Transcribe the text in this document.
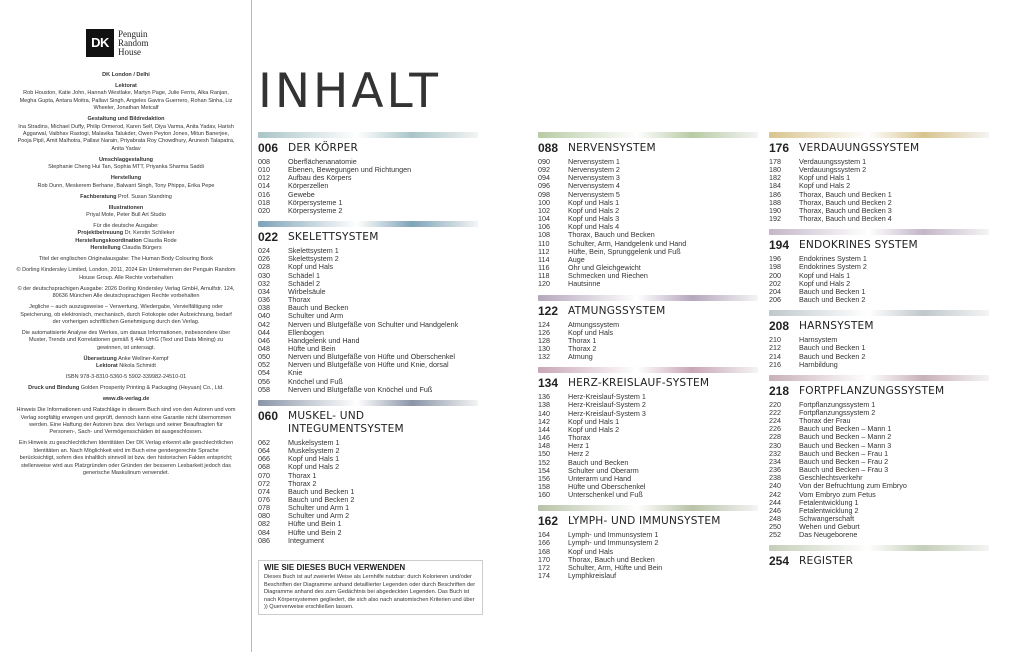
DK
Penguin
Random
House

DK London / Delhi

Lektorat
Rob Houston, Katie John, Hannah Westlake, Martyn Page, Julie Ferris, Alka Ranjan, Megha Gupta, Antara Moitra, Pallavi Singh, Angeles Gavira Guerrero, Rohan Sinha, Liz Wheeler, Jonathan Metcalf

Gestaltung und Bildredaktion
Ina Stradins, Michael Duffy, Philip Ormerod, Karen Self, Diya Varma, Anita Yadav, Harish Aggarwal, Vaibhav Rastogi, Malavika Talukder, Owen Peyton Jones, Mitun Banerjee, Pooja Pipil, Amit Malhotra, Pallavi Narain, Priyabrata Roy Chowdhury, Arunesh Talapatra, Anita Yadav

Umschlaggestaltung
Stephanie Cheng Hui Tan, Sophia MTT, Priyanka Sharma Saddi

Herstellung
Rob Dunn, Meskerem Berhane, Balwant Singh, Tony Phipps, Erika Pepe

Fachberatung Prof. Susan Standring

Illustrationen
Priyal Mote, Peter Bull Art Studio

Für die deutsche Ausgabe:
Projektbetreuung Dr. Kerstin Schlieker
Herstellungskoordination Claudia Rode
Herstellung Claudia Bürgers

Titel der englischen Originalausgabe: The Human Body Colouring Book

© Dorling Kindersley Limited, London, 2011, 2024 Ein Unternehmen der Penguin Random House Group. Alle Rechte vorbehalten

© der deutschsprachigen Ausgabe: 2026 Dorling Kindersley Verlag GmbH, Arnulfstr. 124, 80636 München Alle deutschsprachigen Rechte vorbehalten

Jegliche – auch auszugsweise – Verwertung, Wiedergabe, Vervielfältigung oder Speicherung, ob elektronisch, mechanisch, durch Fotokopie oder Aufzeichnung, bedarf der vorherigen schriftlichen Genehmigung durch den Verlag.

Die automatisierte Analyse des Werkes, um daraus Informationen, insbesondere über Muster, Trends und Korrelationen gemäß § 44b UrhG (Text und Data Mining) zu gewinnen, ist untersagt.

Übersetzung Anke Wellner-Kempf
Lektorat Nikola Schmidt

ISBN 978-3-8310-5360-5 5902-339982-24510-01

Druck und Bindung Golden Prosperity Printing & Packaging (Heyuan) Co., Ltd.

www.dk-verlag.de

Hinweis Die Informationen und Ratschläge in diesem Buch sind von den Autoren und vom Verlag sorgfältig erwogen und geprüft, dennoch kann eine Garantie nicht übernommen werden. Eine Haftung der Autoren bzw. des Verlags und seiner Beauftragten für Personen-, Sach- und Vermögensschäden ist ausgeschlossen.

Ein Hinweis zu geschlechtlichen Identitäten Der DK Verlag erkennt alle geschlechtlichen Identitäten an. Nach Möglichkeit wird im Buch eine gendergerechte Sprache berücksichtigt, sofern dies inhaltlich sinnvoll ist bzw. den historischen Fakten entspricht; stellenweise wird aus Platzgründen oder Gründen der besseren Lesbarkeit jedoch das generische Maskulinum verwendet.

INHALT
006 DER KÖRPER
008	Oberflächenanatomie
010	Ebenen, Bewegungen und Richtungen
012	Aufbau des Körpers
014	Körperzellen
016	Gewebe
018	Körpersysteme 1
020	Körpersysteme 2
022 SKELETTSYSTEM
024	Skelettsystem 1
026	Skelettsystem 2
028	Kopf und Hals
030	Schädel 1
032	Schädel 2
034	Wirbelsäule
036	Thorax
038	Bauch und Becken
040	Schulter und Arm
042	Nerven und Blutgefäße von Schulter und Handgelenk
044	Ellenbogen
046	Handgelenk und Hand
048	Hüfte und Bein
050	Nerven und Blutgefäße von Hüfte und Oberschenkel
052	Nerven und Blutgefäße von Hüfte und Knie, dorsal
054	Knie
056	Knöchel und Fuß
058	Nerven und Blutgefäße von Knöchel und Fuß
060 MUSKEL- UND INTEGUMENTSYSTEM
062	Muskelsystem 1
064	Muskelsystem 2
066	Kopf und Hals 1
068	Kopf und Hals 2
070	Thorax 1
072	Thorax 2
074	Bauch und Becken 1
076	Bauch und Becken 2
078	Schulter und Arm 1
080	Schulter und Arm 2
082	Hüfte und Bein 1
084	Hüfte und Bein 2
086	Integument
088 NERVENSYSTEM
090	Nervensystem 1
092	Nervensystem 2
094	Nervensystem 3
096	Nervensystem 4
098	Nervensystem 5
100	Kopf und Hals 1
102	Kopf und Hals 2
104	Kopf und Hals 3
106	Kopf und Hals 4
108	Thorax, Bauch und Becken
110	Schulter, Arm, Handgelenk und Hand
112	Hüfte, Bein, Sprunggelenk und Fuß
114	Auge
116	Ohr und Gleichgewicht
118	Schmecken und Riechen
120	Hautsinne
122 ATMUNGSSYSTEM
124	Atmungssystem
126	Kopf und Hals
128	Thorax 1
130	Thorax 2
132	Atmung
134 HERZ-KREISLAUF-SYSTEM
136	Herz-Kreislauf-System 1
138	Herz-Kreislauf-System 2
140	Herz-Kreislauf-System 3
142	Kopf und Hals 1
144	Kopf und Hals 2
146	Thorax
148	Herz 1
150	Herz 2
152	Bauch und Becken
154	Schulter und Oberarm
156	Unterarm und Hand
158	Hüfte und Oberschenkel
160	Unterschenkel und Fuß
162 LYMPH- UND IMMUNSYSTEM
164	Lymph- und Immunsystem 1
166	Lymph- und Immunsystem 2
168	Kopf und Hals
170	Thorax, Bauch und Becken
172	Schulter, Arm, Hüfte und Bein
174	Lymphkreislauf
176 VERDAUUNGSSYSTEM
178	Verdauungssystem 1
180	Verdauungssystem 2
182	Kopf und Hals 1
184	Kopf und Hals 2
186	Thorax, Bauch und Becken 1
188	Thorax, Bauch und Becken 2
190	Thorax, Bauch und Becken 3
192	Thorax, Bauch und Becken 4
194 ENDOKRINES SYSTEM
196	Endokrines System 1
198	Endokrines System 2
200	Kopf und Hals 1
202	Kopf und Hals 2
204	Bauch und Becken 1
206	Bauch und Becken 2
208 HARNSYSTEM
210	Harnsystem
212	Bauch und Becken 1
214	Bauch und Becken 2
216	Harnbildung
218 FORTPFLANZUNGSSYSTEM
220	Fortpflanzungssystem 1
222	Fortpflanzungssystem 2
224	Thorax der Frau
226	Bauch und Becken – Mann 1
228	Bauch und Becken – Mann 2
230	Bauch und Becken – Mann 3
232	Bauch und Becken – Frau 1
234	Bauch und Becken – Frau 2
236	Bauch und Becken – Frau 3
238	Geschlechtsverkehr
240	Von der Befruchtung zum Embryo
242	Vom Embryo zum Fetus
244	Fetalentwicklung 1
246	Fetalentwicklung 2
248	Schwangerschaft
250	Wehen und Geburt
252	Das Neugeborene
254 REGISTER
WIE SIE DIESES BUCH VERWENDEN

Dieses Buch ist auf zweierlei Weise als Lernhilfe nutzbar: durch Kolorieren und/oder Beschriften der Diagramme anhand detaillierter Legenden oder durch Beschriften der Diagramme anhand des zum Gedächtnis bei abgedeckten Legenden. Das Buch ist nach Körpersystemen gegliedert, die sich also nach anatomischen Kriterien und über )) Querverweise erschließen lassen.
